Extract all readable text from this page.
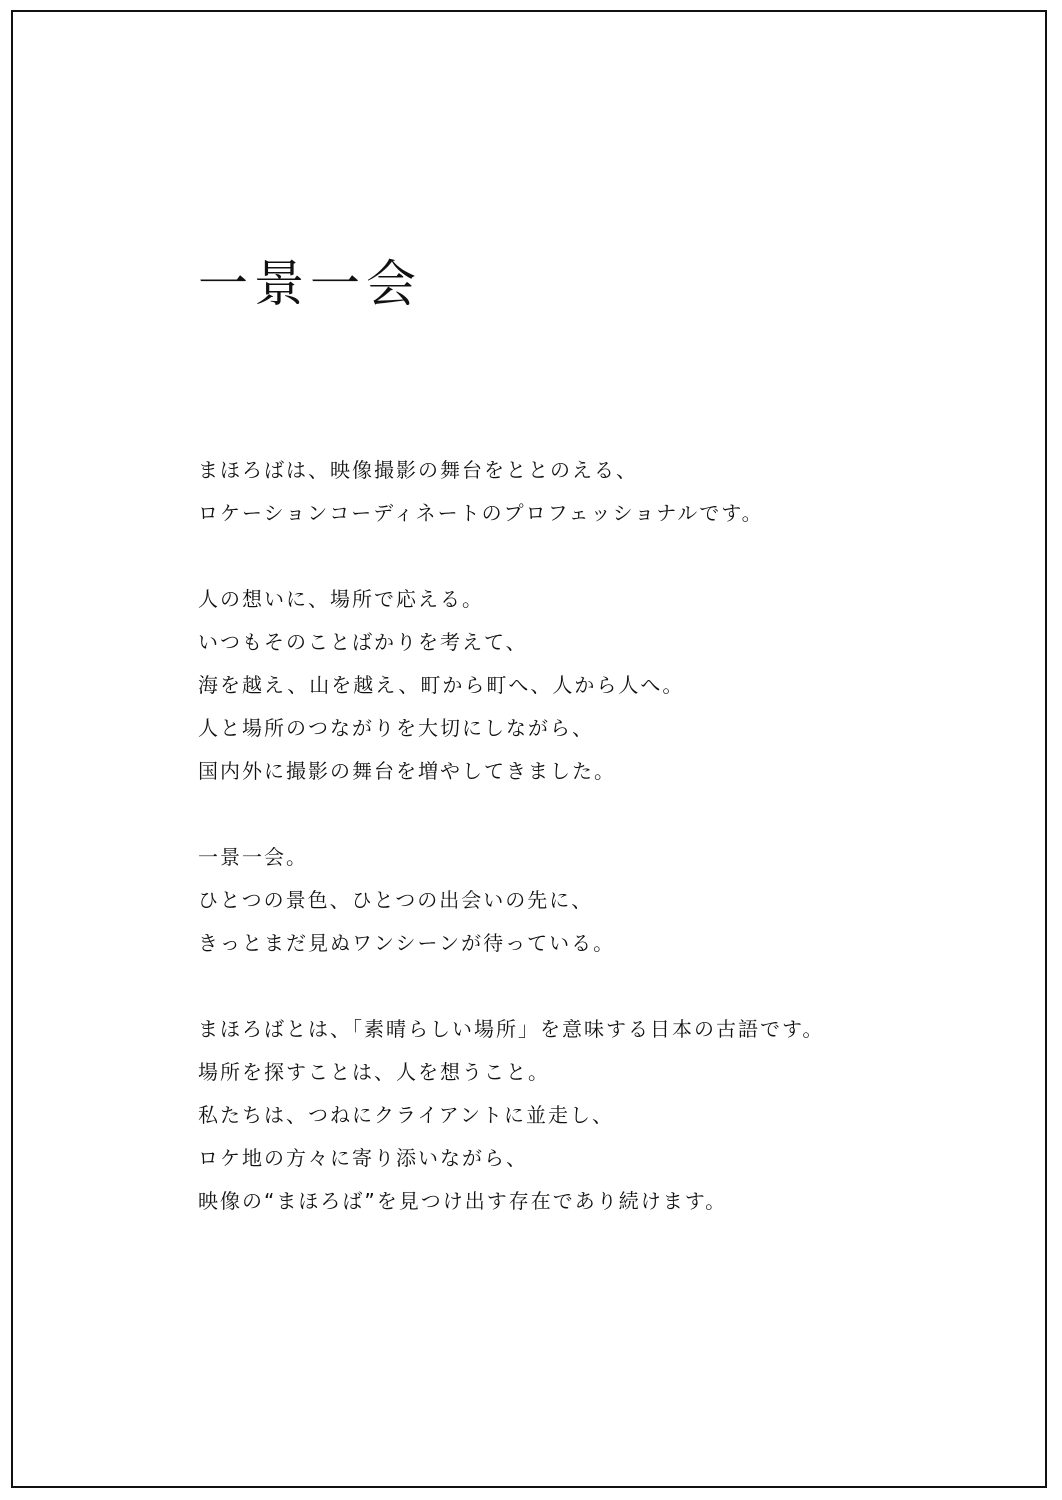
一景一会

まほろばは、映像撮影の舞台をととのえる、
ロケーションコーディネートのプロフェッショナルです。

人の想いに、場所で応える。
いつもそのことばかりを考えて、
海を越え、山を越え、町から町へ、人から人へ。
人と場所のつながりを大切にしながら、
国内外に撮影の舞台を増やしてきました。

一景一会。
ひとつの景色、ひとつの出会いの先に、
きっとまだ見ぬワンシーンが待っている。

まほろばとは、「素晴らしい場所」を意味する日本の古語です。
場所を探すことは、人を想うこと。
私たちは、つねにクライアントに並走し、
ロケ地の方々に寄り添いながら、
映像の“まほろば”を見つけ出す存在であり続けます。
